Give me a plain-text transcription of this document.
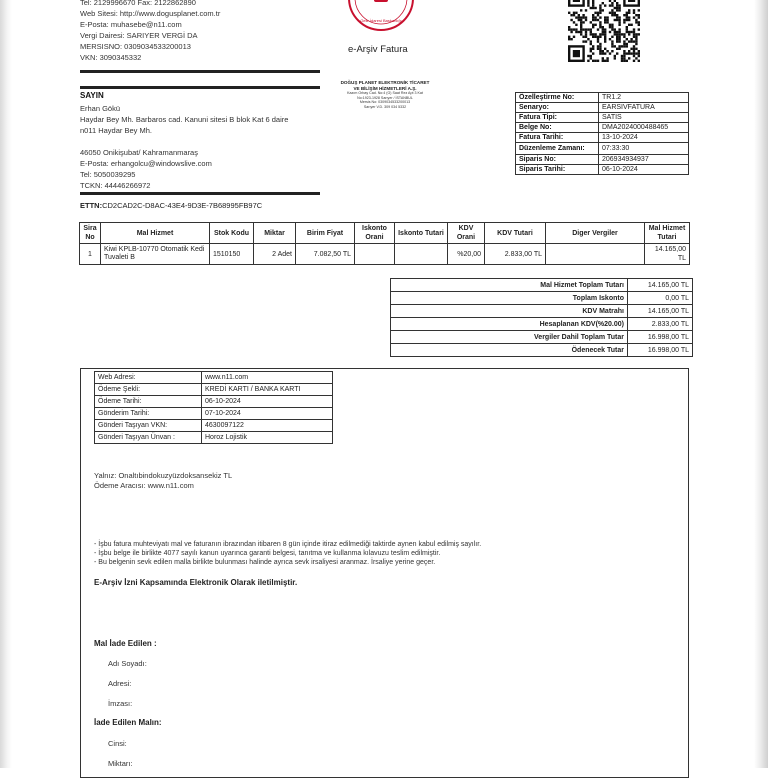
Tel: 2129996670 Fax: 2122862890
Web Sitesi: http://www.dogusplanet.com.tr
E-Posta: muhasebe@n11.com
Vergi Dairesi: SARIYER VERGİ DA
MERSISNO: 0309034533200013
VKN: 3090345332
Gelir İdaresi Başkanlığı
e-Arşiv Fatura
DOĞUŞ PLANET ELEKTRONİK TİCARET
VE BİLİŞİM HİZMETLERİ A.Ş.
Kazım Orbay Cad. No:4 (G) Saat Rez Apt 3 Kat
No:1923-1928 Sarıyer / İSTANBUL
Mersis No: 0309034533200013
Sarıyer V.D. 309 034 5332
SAYIN
Erhan Gökü
Haydar Bey Mh. Barbaros cad. Kanuni sitesi B blok Kat 6 daire
n011 Haydar Bey Mh.
46050 Onikişubat/ Kahramanmaraş
E-Posta: erhangolcu@windowslive.com
Tel: 5050039295
TCKN: 44446266972
Özelleştirme No:	TR1.2
Senaryo:	EARSIVFATURA
Fatura Tipi:	SATIS
Belge No:	DMA2024000488465
Fatura Tarihi:	13-10-2024
Düzenleme Zamanı:	07:33:30
Siparis No:	206934934937
Siparis Tarihi:	06-10-2024
ETTN:CD2CAD2C-D8AC-43E4-9D3E-7B68995FB97C
Sira No	Mal Hizmet	Stok Kodu	Miktar	Birim Fiyat	Iskonto Orani	Iskonto Tutari	KDV Orani	KDV Tutari	Diger Vergiler	Mal Hizmet Tutari
1	Kiwi KPLB-10770 Otomatik Kedi Tuvaleti B	1510150	2 Adet	7.082,50 TL			%20,00	2.833,00 TL		14.165,00 TL
Mal Hizmet Toplam Tutarı	14.165,00 TL
Toplam Iskonto	0,00 TL
KDV Matrahı	14.165,00 TL
Hesaplanan KDV(%20.00)	2.833,00 TL
Vergiler Dahil Toplam Tutar	16.998,00 TL
Ödenecek Tutar	16.998,00 TL
Web Adresi:	www.n11.com
Ödeme Şekli:	KREDİ KARTI / BANKA KARTI
Ödeme Tarihi:	06-10-2024
Gönderim Tarihi:	07-10-2024
Gönderi Taşıyan VKN:	4630097122
Gönderi Taşıyan Ünvan :	Horoz Lojistik
Yalnız: Onaltıbindokuzyüzdoksansekiz TL
Ödeme Aracısı: www.n11.com
- İşbu fatura muhteviyatı mal ve faturanın ibrazından itibaren 8 gün içinde itiraz edilmediği taktirde aynen kabul edilmiş sayılır.
- İşbu belge ile birlikte 4077 sayılı kanun uyarınca garanti belgesi, tanıtma ve kullanma kılavuzu teslim edilmiştir.
- Bu belgenin sevk edilen malla birlikte bulunması halinde ayrıca sevk irsaliyesi aranmaz. İrsaliye yerine geçer.
E-Arşiv İzni Kapsamında Elektronik Olarak iletilmiştir.
Mal İade Edilen :
Adı Soyadı:
Adresi:
İmzası:
İade Edilen Malın:
Cinsi:
Miktarı:
